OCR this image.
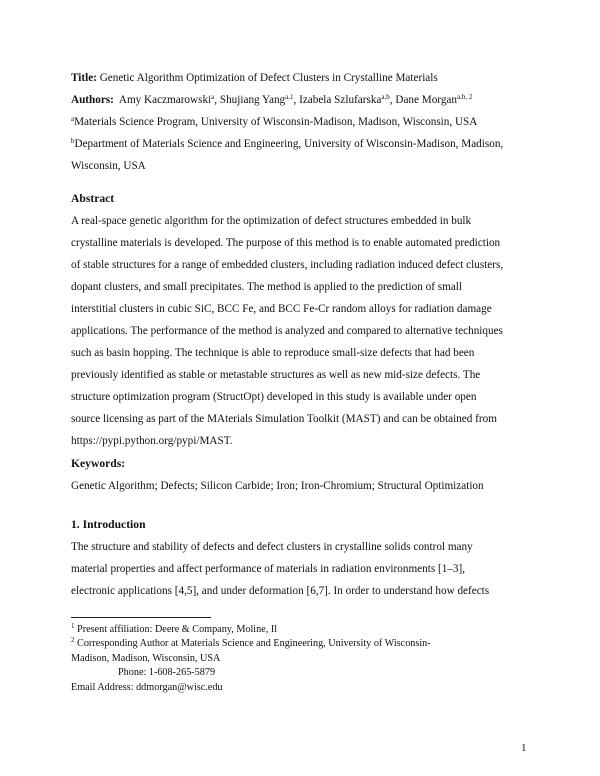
Title: Genetic Algorithm Optimization of Defect Clusters in Crystalline Materials
Authors: Amy Kaczmarowski$^a$, Shujiang Yang$^{a,1}$, Izabela Szlufarska$^{a,b}$, Dane Morgan$^{a,b, 2}$
$^a$Materials Science Program, University of Wisconsin-Madison, Madison, Wisconsin, USA
$^b$Department of Materials Science and Engineering, University of Wisconsin-Madison, Madison,
Wisconsin, USA
Abstract
A real-space genetic algorithm for the optimization of defect structures embedded in bulk
crystalline materials is developed. The purpose of this method is to enable automated prediction
of stable structures for a range of embedded clusters, including radiation induced defect clusters,
dopant clusters, and small precipitates. The method is applied to the prediction of small
interstitial clusters in cubic SiC, BCC Fe, and BCC Fe-Cr random alloys for radiation damage
applications. The performance of the method is analyzed and compared to alternative techniques
such as basin hopping. The technique is able to reproduce small-size defects that had been
previously identified as stable or metastable structures as well as new mid-size defects. The
structure optimization program (StructOpt) developed in this study is available under open
source licensing as part of the MAterials Simulation Toolkit (MAST) and can be obtained from
https://pypi.python.org/pypi/MAST.
Keywords:
Genetic Algorithm; Defects; Silicon Carbide; Iron; Iron-Chromium; Structural Optimization
1. Introduction
The structure and stability of defects and defect clusters in crystalline solids control many
material properties and affect performance of materials in radiation environments [1–3],
electronic applications [4,5], and under deformation [6,7]. In order to understand how defects
$^1$ Present affiliation: Deere & Company, Moline, Il
$^2$ Corresponding Author at Materials Science and Engineering, University of Wisconsin-
Madison, Madison, Wisconsin, USA
Phone: 1-608-265-5879
Email Address: ddmorgan@wisc.edu
1
